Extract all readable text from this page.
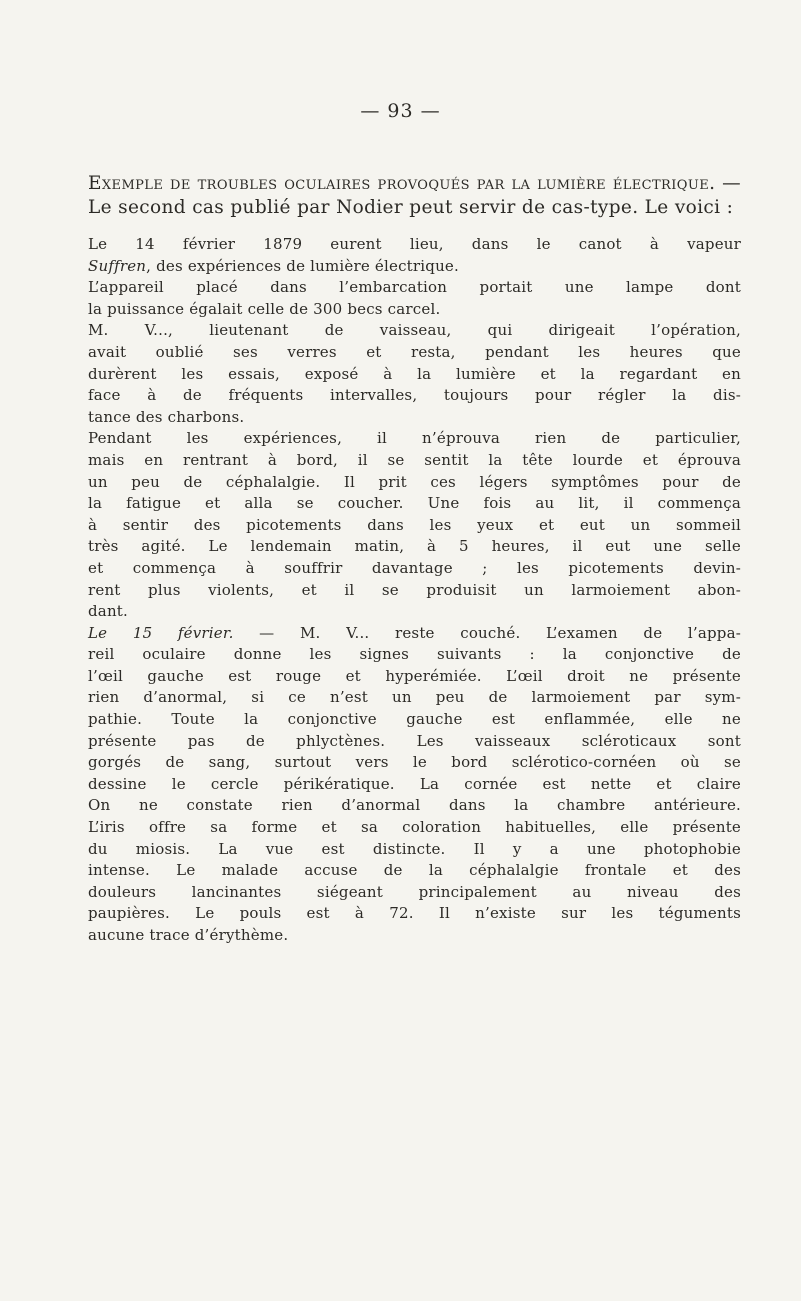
— 93 —
Exemple de troubles oculaires provoqués par la lumière électrique. — Le second cas publié par Nodier peut servir de cas-type. Le voici :

Le 14 février 1879 eurent lieu, dans le canot à vapeur
Suffren, des expériences de lumière électrique.

L’appareil placé dans l’embarcation portait une lampe dont
la puissance égalait celle de 300 becs carcel.

M. V..., lieutenant de vaisseau, qui dirigeait l’opération,
avait oublié ses verres et resta, pendant les heures que
durèrent les essais, exposé à la lumière et la regardant en
face à de fréquents intervalles, toujours pour régler la dis-
tance des charbons.

Pendant les expériences, il n’éprouva rien de particulier,
mais en rentrant à bord, il se sentit la tête lourde et éprouva
un peu de céphalalgie. Il prit ces légers symptômes pour de
la fatigue et alla se coucher. Une fois au lit, il commença
à sentir des picotements dans les yeux et eut un sommeil
très agité. Le lendemain matin, à 5 heures, il eut une selle
et commença à souffrir davantage ; les picotements devin-
rent plus violents, et il se produisit un larmoiement abon-
dant.

Le 15 février. — M. V... reste couché. L’examen de l’appa-
reil oculaire donne les signes suivants : la conjonctive de
l’œil gauche est rouge et hyperémiée. L’œil droit ne présente
rien d’anormal, si ce n’est un peu de larmoiement par sym-
pathie. Toute la conjonctive gauche est enflammée, elle ne
présente pas de phlyctènes. Les vaisseaux scléroticaux sont
gorgés de sang, surtout vers le bord sclérotico-cornéen où se
dessine le cercle périkératique. La cornée est nette et claire
On ne constate rien d’anormal dans la chambre antérieure.
L’iris offre sa forme et sa coloration habituelles, elle présente
du miosis. La vue est distincte. Il y a une photophobie
intense. Le malade accuse de la céphalalgie frontale et des
douleurs lancinantes siégeant principalement au niveau des
paupières. Le pouls est à 72. Il n’existe sur les téguments
aucune trace d’érythème.
